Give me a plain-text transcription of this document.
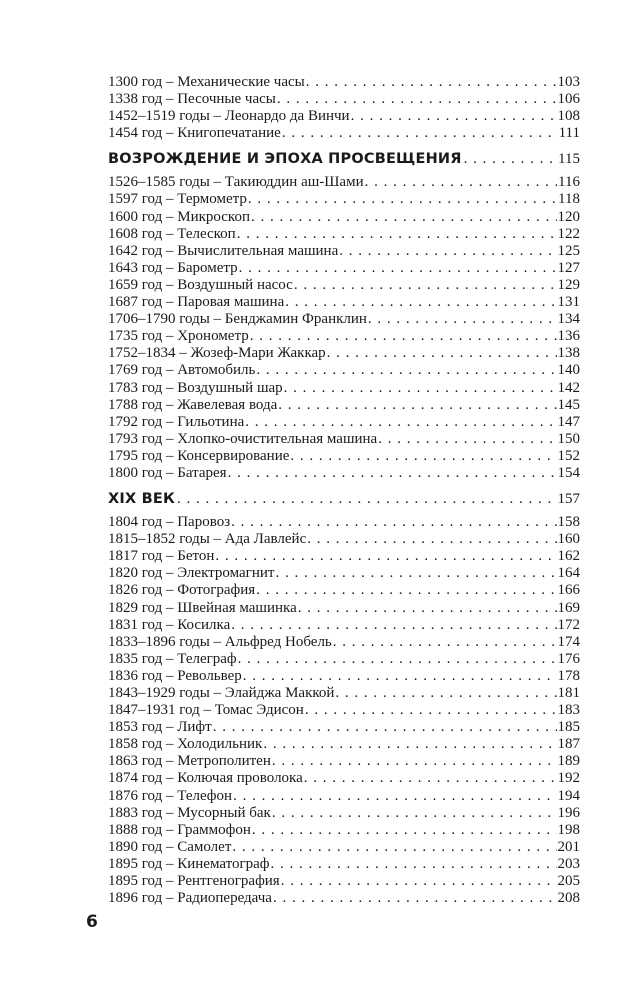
1300 год – Механические часы . . .	103
1338 год – Песочные часы . . .	106
1452–1519 годы – Леонардо да Винчи . . .	108
1454 год – Книгопечатание . . .	111
ВОЗРОЖДЕНИЕ И ЭПОХА ПРОСВЕЩЕНИЯ . . .	115
1526–1585 годы – Такиюддин аш-Шами . . .	116
1597 год – Термометр . . .	118
1600 год – Микроскоп . . .	120
1608 год – Телескоп . . .	122
1642 год – Вычислительная машина . . .	125
1643 год – Барометр . . .	127
1659 год – Воздушный насос . . .	129
1687 год – Паровая машина . . .	131
1706–1790 годы – Бенджамин Франклин . . .	134
1735 год – Хронометр . . .	136
1752–1834 – Жозеф-Мари Жаккар . . .	138
1769 год – Автомобиль . . .	140
1783 год – Воздушный шар . . .	142
1788 год – Жавелевая вода . . .	145
1792 год – Гильотина . . .	147
1793 год – Хлопко-очистительная машина . . .	150
1795 год – Консервирование . . .	152
1800 год – Батарея . . .	154
XIX ВЕК . . .	157
1804 год – Паровоз . . .	158
1815–1852 годы – Ада Лавлейс . . .	160
1817 год – Бетон . . .	162
1820 год – Электромагнит . . .	164
1826 год – Фотография . . .	166
1829 год – Швейная машинка . . .	169
1831 год – Косилка . . .	172
1833–1896 годы – Альфред Нобель . . .	174
1835 год – Телеграф . . .	176
1836 год – Револьвер . . .	178
1843–1929 годы – Элайджа Маккой . . .	181
1847–1931 год – Томас Эдисон . . .	183
1853 год – Лифт . . .	185
1858 год – Холодильник . . .	187
1863 год – Метрополитен . . .	189
1874 год – Колючая проволока . . .	192
1876 год – Телефон . . .	194
1883 год – Мусорный бак . . .	196
1888 год – Граммофон . . .	198
1890 год – Самолет . . .	201
1895 год – Кинематограф . . .	203
1895 год – Рентгенография . . .	205
1896 год – Радиопередача . . .	208
6
